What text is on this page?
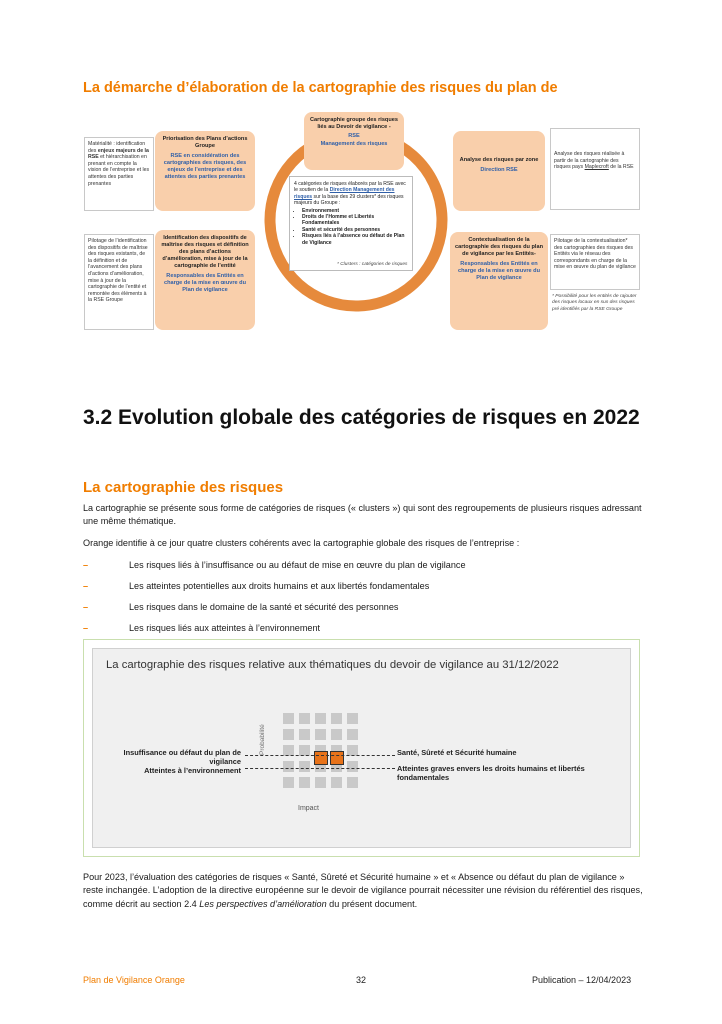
La démarche d’élaboration de la cartographie des risques du plan de
Matérialité : identification des enjeux majeurs de la RSE et hiérarchisation en prenant en compte la vision de l’entreprise et les attentes des parties prenantes
Pilotage de l’identification des dispositifs de maîtrise des risques existants, de la définition et de l’avancement des plans d’actions d’amélioration, mise à jour de la cartographie de l’entité et remontée des éléments à la RSE Groupe
Priorisation des Plans d’actions Groupe
RSE en considération des cartographies des risques, des enjeux de l’entreprise et des attentes des parties prenantes
Identification des dispositifs de maîtrise des risques et définition des plans d’actions d’amélioration, mise à jour de la cartographie de l’entité
Responsables des Entités en charge de la mise en œuvre du Plan de vigilance
Cartographie groupe des risques liés au Devoir de vigilance -
RSE
Management des risques
4 catégories de risques élaborés par la RSE avec le soutien de la Direction Management des risques sur la base des 29 clusters* des risques majeurs du Groupe :
• Environnement
• Droits de l’Homme et Libertés Fondamentales
• Santé et sécurité des personnes
• Risques liés à l’absence ou défaut de Plan de Vigilance
* Clusters : catégories de risques
Analyse des risques par zone
Direction RSE
Contextualisation de la cartographie des risques du plan de vigilance par les Entités-
Responsables des Entités en charge de la mise en œuvre du Plan de vigilance
Analyse des risques réalisée à partir de la cartographie des risques pays Maplecroft de la RSE
Pilotage de la contextualisation* des cartographies des risques des Entités via le réseau des correspondants en charge de la mise en œuvre du plan de vigilance
* Possibilité pour les entités de rajouter des risques locaux en sus des risques pré identifiés par la RSE Groupe
3.2 Evolution globale des catégories de risques en 2022
La cartographie des risques
La cartographie se présente sous forme de catégories de risques (« clusters ») qui sont des regroupements de plusieurs risques adressant une même thématique.
Orange identifie à ce jour quatre clusters cohérents avec la cartographie globale des risques de l’entreprise :
–	Les risques liés à l’insuffisance ou au défaut de mise en œuvre du plan de vigilance
–	Les atteintes potentielles aux droits humains et aux libertés fondamentales
–	Les risques dans le domaine de la santé et sécurité des personnes
–	Les risques liés aux atteintes à l’environnement
La cartographie des risques relative aux thématiques du devoir de vigilance au 31/12/2022
Insuffisance ou défaut du plan de vigilance
Atteintes à l’environnement
Santé, Sûreté et Sécurité humaine
Atteintes graves envers les droits humains et libertés fondamentales
Probabilité
Impact
Pour 2023, l’évaluation des catégories de risques « Santé, Sûreté et Sécurité humaine » et « Absence ou défaut du plan de vigilance » reste inchangée. L’adoption de la directive européenne sur le devoir de vigilance pourrait nécessiter une révision du référentiel des risques, comme décrit au section 2.4 Les perspectives d’amélioration du présent document.
Plan de Vigilance Orange	32	Publication – 12/04/2023
